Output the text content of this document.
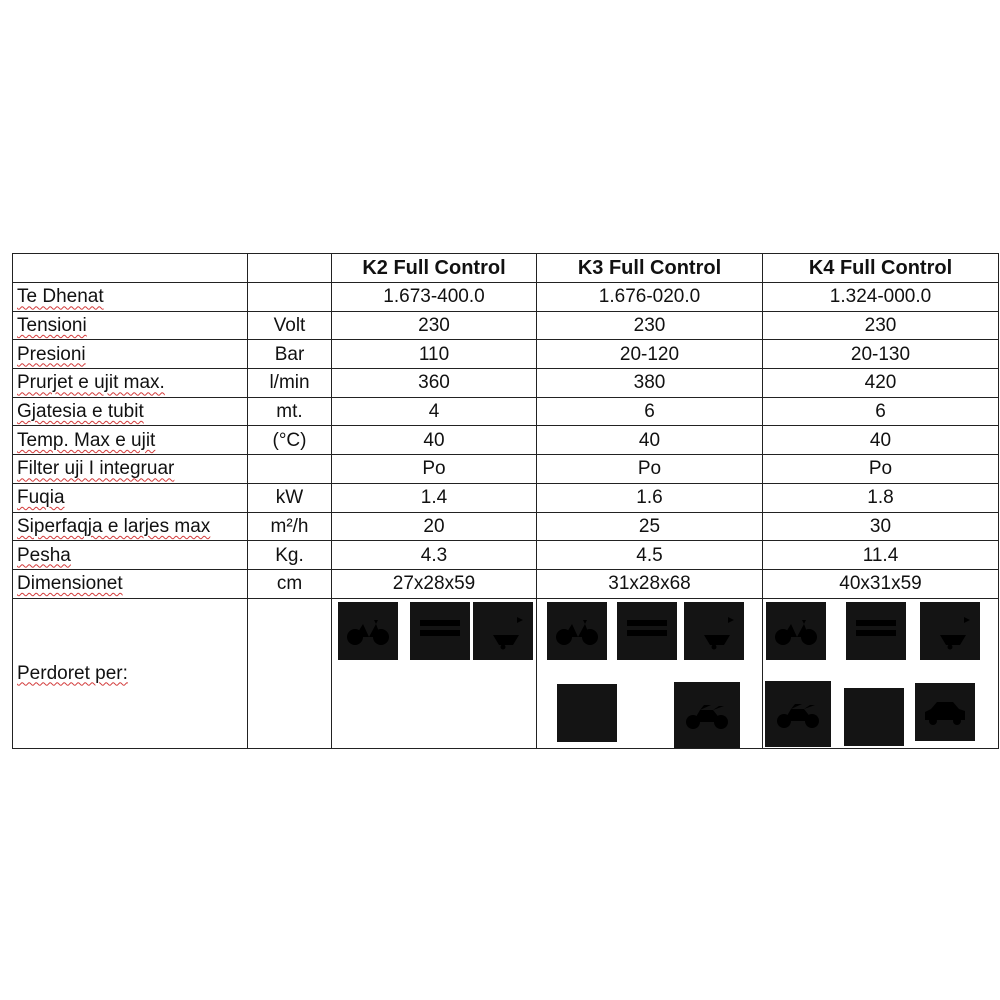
		K2 Full Control	K3 Full Control	K4 Full Control
Te Dhenat		1.673-400.0	1.676-020.0	1.324-000.0
Tensioni	Volt	230	230	230
Presioni	Bar	110	20-120	20-130
Prurjet e ujit max.	l/min	360	380	420
Gjatesia e tubit	mt.	4	6	6
Temp. Max e ujit	(°C)	40	40	40
Filter uji I integruar		Po	Po	Po
Fuqia	kW	1.4	1.6	1.8
Siperfaqja e larjes max	m²/h	20	25	30
Pesha	Kg.	4.3	4.5	11.4
Dimensionet	cm	27x28x59	31x28x68	40x31x59
Perdoret per:		
